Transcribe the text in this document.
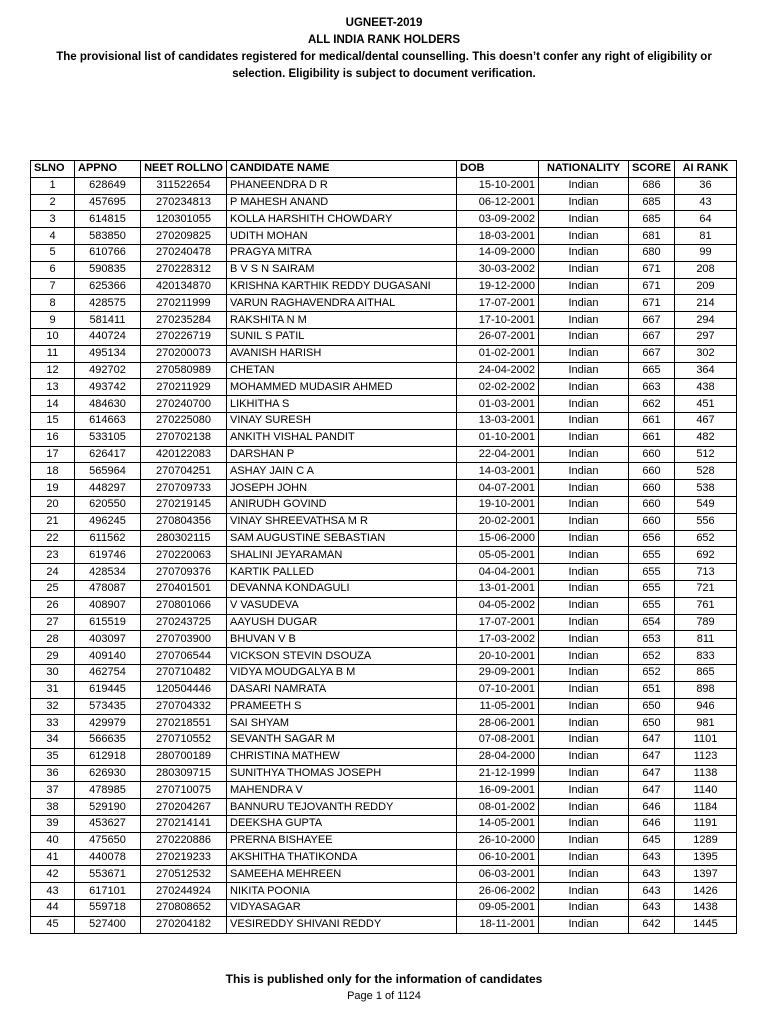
UGNEET-2019
ALL INDIA RANK HOLDERS
The provisional list of candidates registered for medical/dental counselling. This doesn’t confer any right of eligibility or selection. Eligibility is subject to document verification.
SLNO	APPNO	NEET ROLLNO	CANDIDATE NAME	DOB	NATIONALITY	SCORE	AI RANK
1	628649	311522654	PHANEENDRA D R	15-10-2001	Indian	686	36
2	457695	270234813	P MAHESH ANAND	06-12-2001	Indian	685	43
3	614815	120301055	KOLLA HARSHITH CHOWDARY	03-09-2002	Indian	685	64
4	583850	270209825	UDITH MOHAN	18-03-2001	Indian	681	81
5	610766	270240478	PRAGYA MITRA	14-09-2000	Indian	680	99
6	590835	270228312	B V S N SAIRAM	30-03-2002	Indian	671	208
7	625366	420134870	KRISHNA KARTHIK REDDY DUGASANI	19-12-2000	Indian	671	209
8	428575	270211999	VARUN RAGHAVENDRA AITHAL	17-07-2001	Indian	671	214
9	581411	270235284	RAKSHITA N M	17-10-2001	Indian	667	294
10	440724	270226719	SUNIL S PATIL	26-07-2001	Indian	667	297
11	495134	270200073	AVANISH HARISH	01-02-2001	Indian	667	302
12	492702	270580989	CHETAN	24-04-2002	Indian	665	364
13	493742	270211929	MOHAMMED MUDASIR AHMED	02-02-2002	Indian	663	438
14	484630	270240700	LIKHITHA S	01-03-2001	Indian	662	451
15	614663	270225080	VINAY SURESH	13-03-2001	Indian	661	467
16	533105	270702138	ANKITH VISHAL PANDIT	01-10-2001	Indian	661	482
17	626417	420122083	DARSHAN P	22-04-2001	Indian	660	512
18	565964	270704251	ASHAY JAIN C A	14-03-2001	Indian	660	528
19	448297	270709733	JOSEPH JOHN	04-07-2001	Indian	660	538
20	620550	270219145	ANIRUDH GOVIND	19-10-2001	Indian	660	549
21	496245	270804356	VINAY SHREEVATHSA M R	20-02-2001	Indian	660	556
22	611562	280302115	SAM AUGUSTINE SEBASTIAN	15-06-2000	Indian	656	652
23	619746	270220063	SHALINI JEYARAMAN	05-05-2001	Indian	655	692
24	428534	270709376	KARTIK PALLED	04-04-2001	Indian	655	713
25	478087	270401501	DEVANNA KONDAGULI	13-01-2001	Indian	655	721
26	408907	270801066	V VASUDEVA	04-05-2002	Indian	655	761
27	615519	270243725	AAYUSH DUGAR	17-07-2001	Indian	654	789
28	403097	270703900	BHUVAN V B	17-03-2002	Indian	653	811
29	409140	270706544	VICKSON STEVIN DSOUZA	20-10-2001	Indian	652	833
30	462754	270710482	VIDYA MOUDGALYA B M	29-09-2001	Indian	652	865
31	619445	120504446	DASARI NAMRATA	07-10-2001	Indian	651	898
32	573435	270704332	PRAMEETH S	11-05-2001	Indian	650	946
33	429979	270218551	SAI SHYAM	28-06-2001	Indian	650	981
34	566635	270710552	SEVANTH SAGAR M	07-08-2001	Indian	647	1101
35	612918	280700189	CHRISTINA MATHEW	28-04-2000	Indian	647	1123
36	626930	280309715	SUNITHYA THOMAS JOSEPH	21-12-1999	Indian	647	1138
37	478985	270710075	MAHENDRA V	16-09-2001	Indian	647	1140
38	529190	270204267	BANNURU TEJOVANTH REDDY	08-01-2002	Indian	646	1184
39	453627	270214141	DEEKSHA GUPTA	14-05-2001	Indian	646	1191
40	475650	270220886	PRERNA BISHAYEE	26-10-2000	Indian	645	1289
41	440078	270219233	AKSHITHA THATIKONDA	06-10-2001	Indian	643	1395
42	553671	270512532	SAMEEHA MEHREEN	06-03-2001	Indian	643	1397
43	617101	270244924	NIKITA POONIA	26-06-2002	Indian	643	1426
44	559718	270808652	VIDYASAGAR	09-05-2001	Indian	643	1438
45	527400	270204182	VESIREDDY SHIVANI REDDY	18-11-2001	Indian	642	1445
This is published only for the information of candidates
Page 1 of 1124
